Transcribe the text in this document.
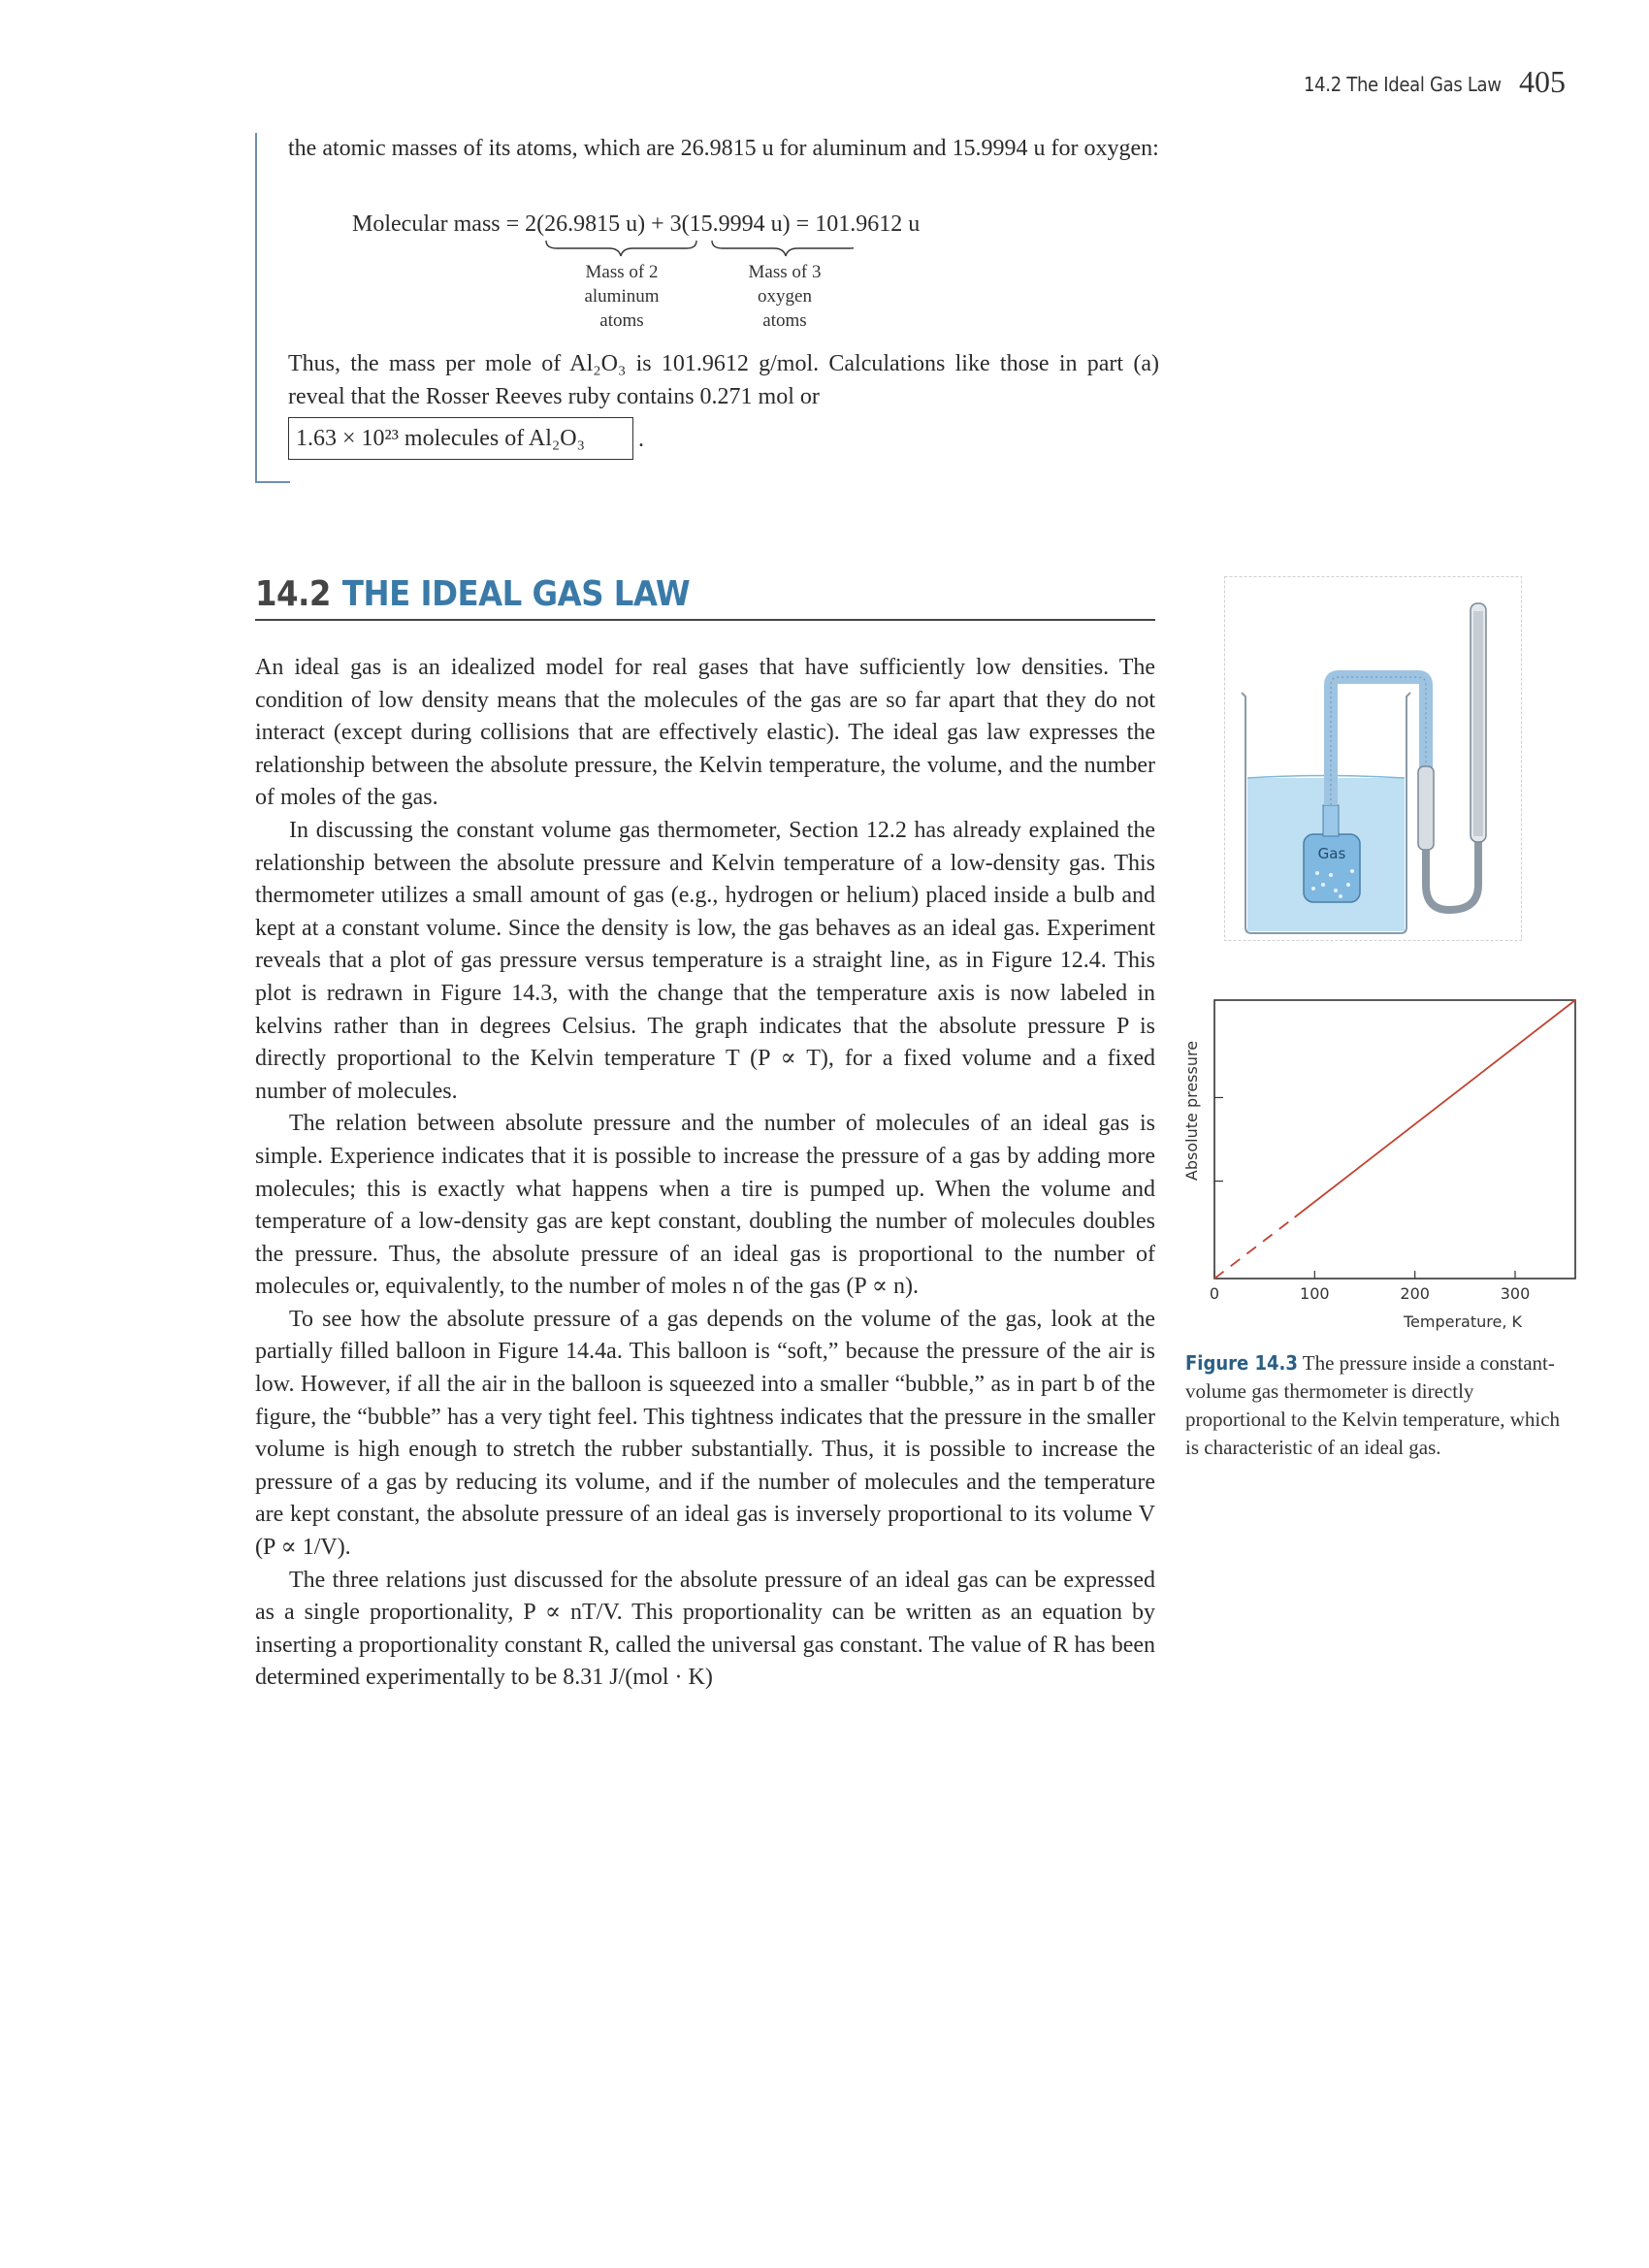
14.2 The Ideal Gas Law 405
the atomic masses of its atoms, which are 26.9815 u for aluminum and 15.9994 u for oxygen:
Molecular mass = 2(26.9815 u) + 3(15.9994 u) = 101.9612 u
Mass of 2
aluminum
atoms
Mass of 3
oxygen
atoms
Thus, the mass per mole of Al₂O₃ is 101.9612 g/mol. Calculations like those in part (a) reveal that the Rosser Reeves ruby contains 0.271 mol or
1.63 × 10²³ molecules of Al₂O₃	.
14.2 THE IDEAL GAS LAW

An ideal gas is an idealized model for real gases that have sufficiently low densities. The condition of low density means that the molecules of the gas are so far apart that they do not interact (except during collisions that are effectively elastic). The ideal gas law expresses the relationship between the absolute pressure, the Kelvin temperature, the volume, and the number of moles of the gas.

In discussing the constant volume gas thermometer, Section 12.2 has already explained the relationship between the absolute pressure and Kelvin temperature of a low-density gas. This thermometer utilizes a small amount of gas (e.g., hydrogen or helium) placed inside a bulb and kept at a constant volume. Since the density is low, the gas behaves as an ideal gas. Experiment reveals that a plot of gas pressure versus temperature is a straight line, as in Figure 12.4. This plot is redrawn in Figure 14.3, with the change that the temperature axis is now labeled in kelvins rather than in degrees Celsius. The graph indicates that the absolute pressure P is directly proportional to the Kelvin temperature T (P ∝ T), for a fixed volume and a fixed number of molecules.

The relation between absolute pressure and the number of molecules of an ideal gas is simple. Experience indicates that it is possible to increase the pressure of a gas by adding more molecules; this is exactly what happens when a tire is pumped up. When the volume and temperature of a low-density gas are kept constant, doubling the number of molecules doubles the pressure. Thus, the absolute pressure of an ideal gas is proportional to the number of molecules or, equivalently, to the number of moles n of the gas (P ∝ n).

To see how the absolute pressure of a gas depends on the volume of the gas, look at the partially filled balloon in Figure 14.4a. This balloon is “soft,” because the pressure of the air is low. However, if all the air in the balloon is squeezed into a smaller “bubble,” as in part b of the figure, the “bubble” has a very tight feel. This tightness indicates that the pressure in the smaller volume is high enough to stretch the rubber substantially. Thus, it is possible to increase the pressure of a gas by reducing its volume, and if the number of molecules and the temperature are kept constant, the absolute pressure of an ideal gas is inversely proportional to its volume V (P ∝ 1/V).

The three relations just discussed for the absolute pressure of an ideal gas can be expressed as a single proportionality, P ∝ nT/V. This proportionality can be written as an equation by inserting a proportionality constant R, called the universal gas constant. The value of R has been determined experimentally to be 8.31 J/(mol · K)

Gas
0	100	200	300
Temperature, K
Absolute pressure
Figure 14.3 The pressure inside a constant-volume gas thermometer is directly proportional to the Kelvin temperature, which is characteristic of an ideal gas.
